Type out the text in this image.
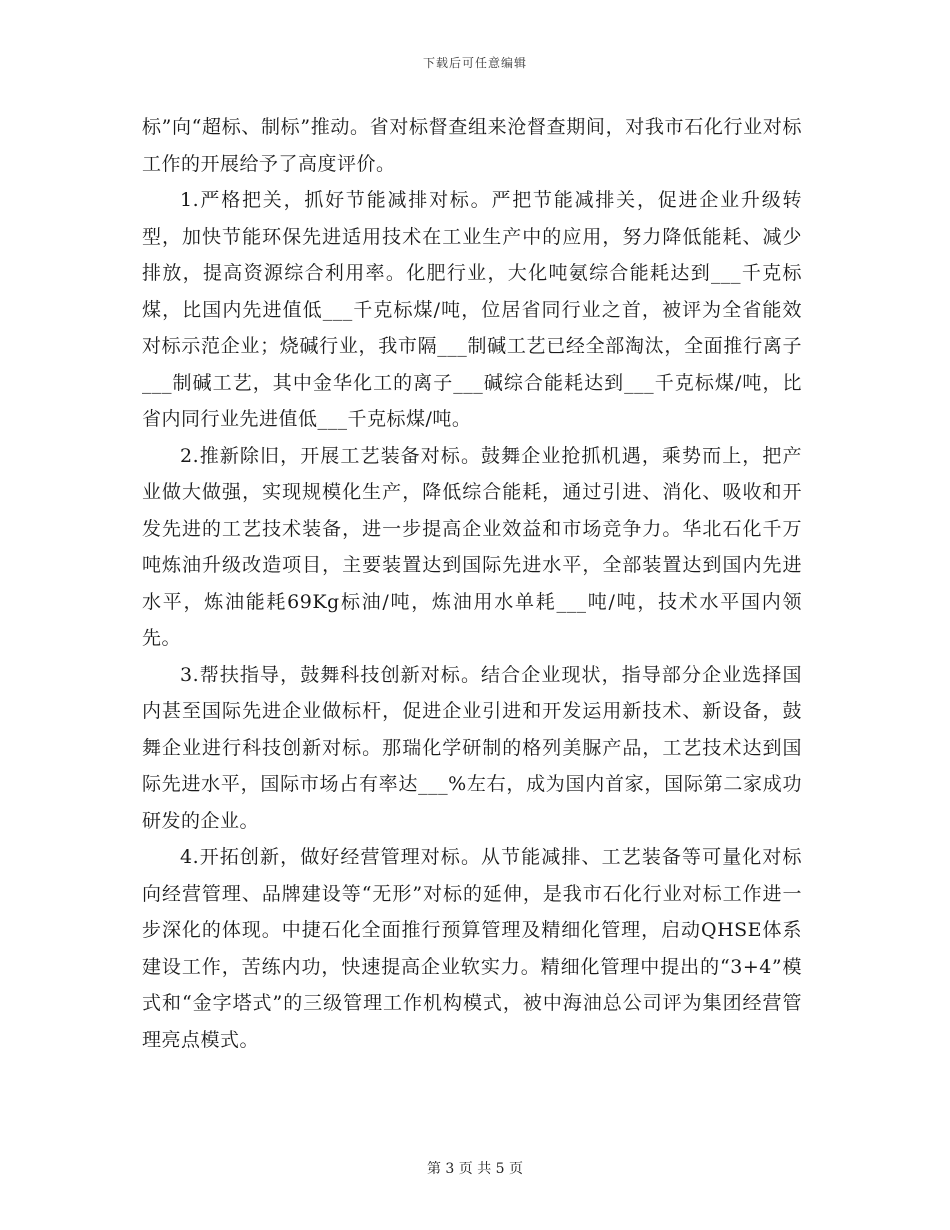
下载后可任意编辑

标”向“超标、制标”推动。省对标督查组来沧督查期间，对我市石化行业对标工作的开展给予了高度评价。

1.严格把关，抓好节能减排对标。严把节能减排关，促进企业升级转型，加快节能环保先进适用技术在工业生产中的应用，努力降低能耗、减少排放，提高资源综合利用率。化肥行业，大化吨氨综合能耗达到___千克标煤，比国内先进值低___千克标煤/吨，位居省同行业之首，被评为全省能效对标示范企业；烧碱行业，我市隔___制碱工艺已经全部淘汰，全面推行离子___制碱工艺，其中金华化工的离子___碱综合能耗达到___千克标煤/吨，比省内同行业先进值低___千克标煤/吨。

2.推新除旧，开展工艺装备对标。鼓舞企业抢抓机遇，乘势而上，把产业做大做强，实现规模化生产，降低综合能耗，通过引进、消化、吸收和开发先进的工艺技术装备，进一步提高企业效益和市场竞争力。华北石化千万吨炼油升级改造项目，主要装置达到国际先进水平，全部装置达到国内先进水平，炼油能耗69Kg标油/吨，炼油用水单耗___吨/吨，技术水平国内领先。

3.帮扶指导，鼓舞科技创新对标。结合企业现状，指导部分企业选择国内甚至国际先进企业做标杆，促进企业引进和开发运用新技术、新设备，鼓舞企业进行科技创新对标。那瑞化学研制的格列美脲产品，工艺技术达到国际先进水平，国际市场占有率达___%左右，成为国内首家，国际第二家成功研发的企业。

4.开拓创新，做好经营管理对标。从节能减排、工艺装备等可量化对标向经营管理、品牌建设等“无形”对标的延伸，是我市石化行业对标工作进一步深化的体现。中捷石化全面推行预算管理及精细化管理，启动QHSE体系建设工作，苦练内功，快速提高企业软实力。精细化管理中提出的“3+4”模式和“金字塔式”的三级管理工作机构模式，被中海油总公司评为集团经营管理亮点模式。

第 3 页 共 5 页
